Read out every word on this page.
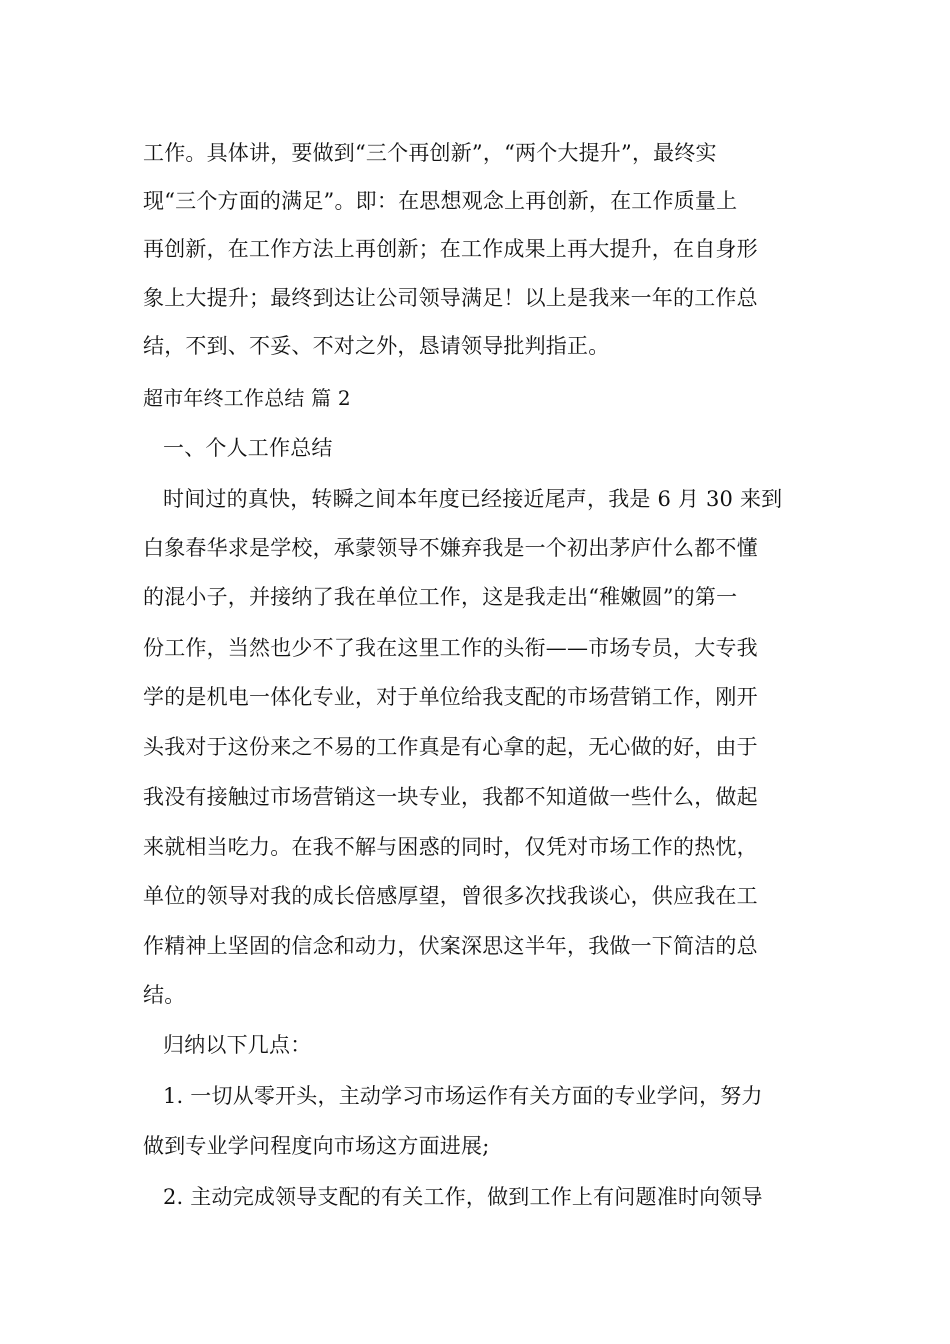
工作。具体讲，要做到“三个再创新”，“两个大提升”，最终实
现“三个方面的满足”。即：在思想观念上再创新，在工作质量上
再创新，在工作方法上再创新；在工作成果上再大提升，在自身形
象上大提升；最终到达让公司领导满足！以上是我来一年的工作总
结，不到、不妥、不对之外，恳请领导批判指正。
超市年终工作总结 篇 2
一、个人工作总结
时间过的真快，转瞬之间本年度已经接近尾声，我是 6 月 30 来到
白象春华求是学校，承蒙领导不嫌弃我是一个初出茅庐什么都不懂
的混小子，并接纳了我在单位工作，这是我走出“稚嫩圆”的第一
份工作，当然也少不了我在这里工作的头衔——市场专员，大专我
学的是机电一体化专业，对于单位给我支配的市场营销工作，刚开
头我对于这份来之不易的工作真是有心拿的起，无心做的好，由于
我没有接触过市场营销这一块专业，我都不知道做一些什么，做起
来就相当吃力。在我不解与困惑的同时，仅凭对市场工作的热忱，
单位的领导对我的成长倍感厚望，曾很多次找我谈心，供应我在工
作精神上坚固的信念和动力，伏案深思这半年，我做一下简洁的总
结。
归纳以下几点：
1. 一切从零开头，主动学习市场运作有关方面的专业学问，努力
做到专业学问程度向市场这方面进展;
2. 主动完成领导支配的有关工作，做到工作上有问题准时向领导
